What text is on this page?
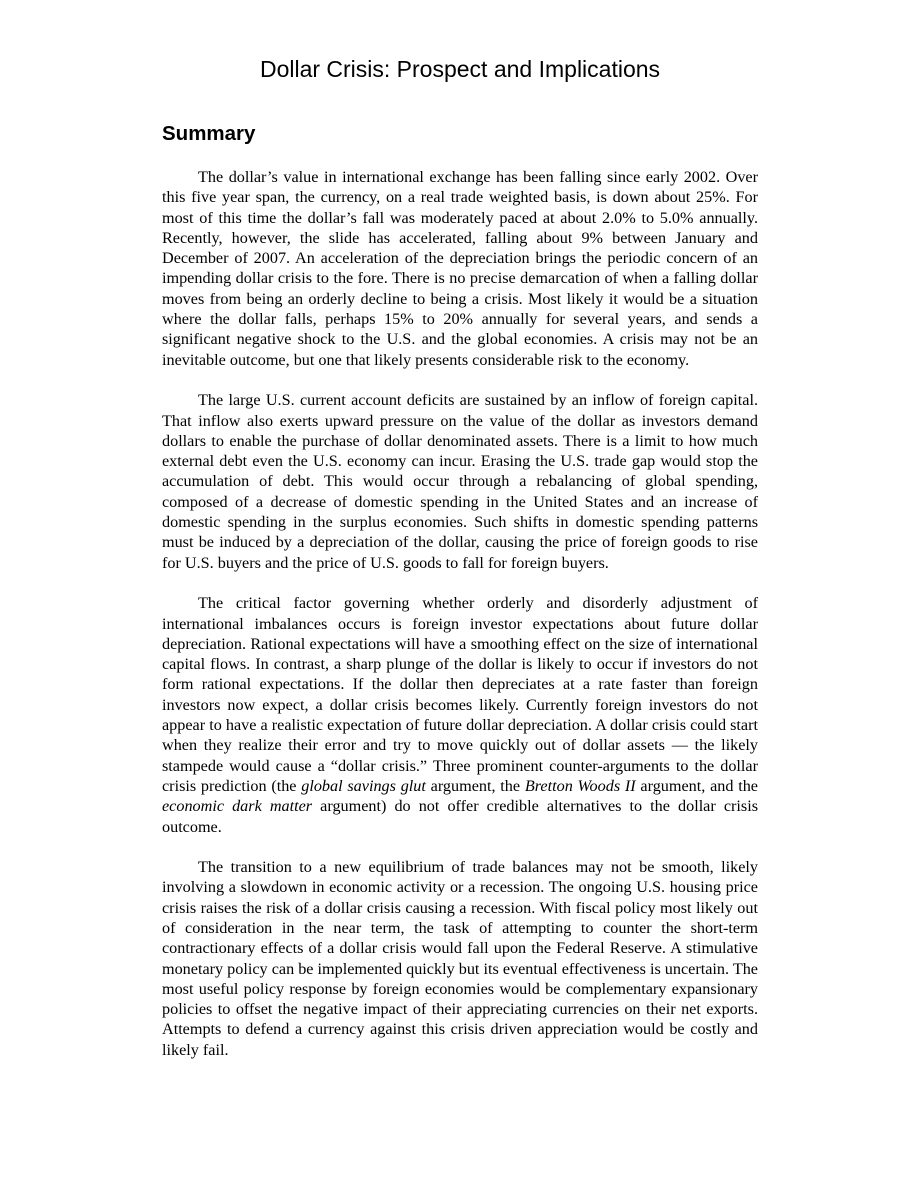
Dollar Crisis: Prospect and Implications
Summary

The dollar’s value in international exchange has been falling since early 2002. Over this five year span, the currency, on a real trade weighted basis, is down about 25%. For most of this time the dollar’s fall was moderately paced at about 2.0% to 5.0% annually. Recently, however, the slide has accelerated, falling about 9% between January and December of 2007. An acceleration of the depreciation brings the periodic concern of an impending dollar crisis to the fore. There is no precise demarcation of when a falling dollar moves from being an orderly decline to being a crisis. Most likely it would be a situation where the dollar falls, perhaps 15% to 20% annually for several years, and sends a significant negative shock to the U.S. and the global economies. A crisis may not be an inevitable outcome, but one that likely presents considerable risk to the economy.

The large U.S. current account deficits are sustained by an inflow of foreign capital. That inflow also exerts upward pressure on the value of the dollar as investors demand dollars to enable the purchase of dollar denominated assets. There is a limit to how much external debt even the U.S. economy can incur. Erasing the U.S. trade gap would stop the accumulation of debt. This would occur through a rebalancing of global spending, composed of a decrease of domestic spending in the United States and an increase of domestic spending in the surplus economies. Such shifts in domestic spending patterns must be induced by a depreciation of the dollar, causing the price of foreign goods to rise for U.S. buyers and the price of U.S. goods to fall for foreign buyers.

The critical factor governing whether orderly and disorderly adjustment of international imbalances occurs is foreign investor expectations about future dollar depreciation. Rational expectations will have a smoothing effect on the size of international capital flows. In contrast, a sharp plunge of the dollar is likely to occur if investors do not form rational expectations. If the dollar then depreciates at a rate faster than foreign investors now expect, a dollar crisis becomes likely. Currently foreign investors do not appear to have a realistic expectation of future dollar depreciation. A dollar crisis could start when they realize their error and try to move quickly out of dollar assets — the likely stampede would cause a “dollar crisis.” Three prominent counter-arguments to the dollar crisis prediction (the global savings glut argument, the Bretton Woods II argument, and the economic dark matter argument) do not offer credible alternatives to the dollar crisis outcome.

The transition to a new equilibrium of trade balances may not be smooth, likely involving a slowdown in economic activity or a recession. The ongoing U.S. housing price crisis raises the risk of a dollar crisis causing a recession. With fiscal policy most likely out of consideration in the near term, the task of attempting to counter the short-term contractionary effects of a dollar crisis would fall upon the Federal Reserve. A stimulative monetary policy can be implemented quickly but its eventual effectiveness is uncertain. The most useful policy response by foreign economies would be complementary expansionary policies to offset the negative impact of their appreciating currencies on their net exports. Attempts to defend a currency against this crisis driven appreciation would be costly and likely fail.
